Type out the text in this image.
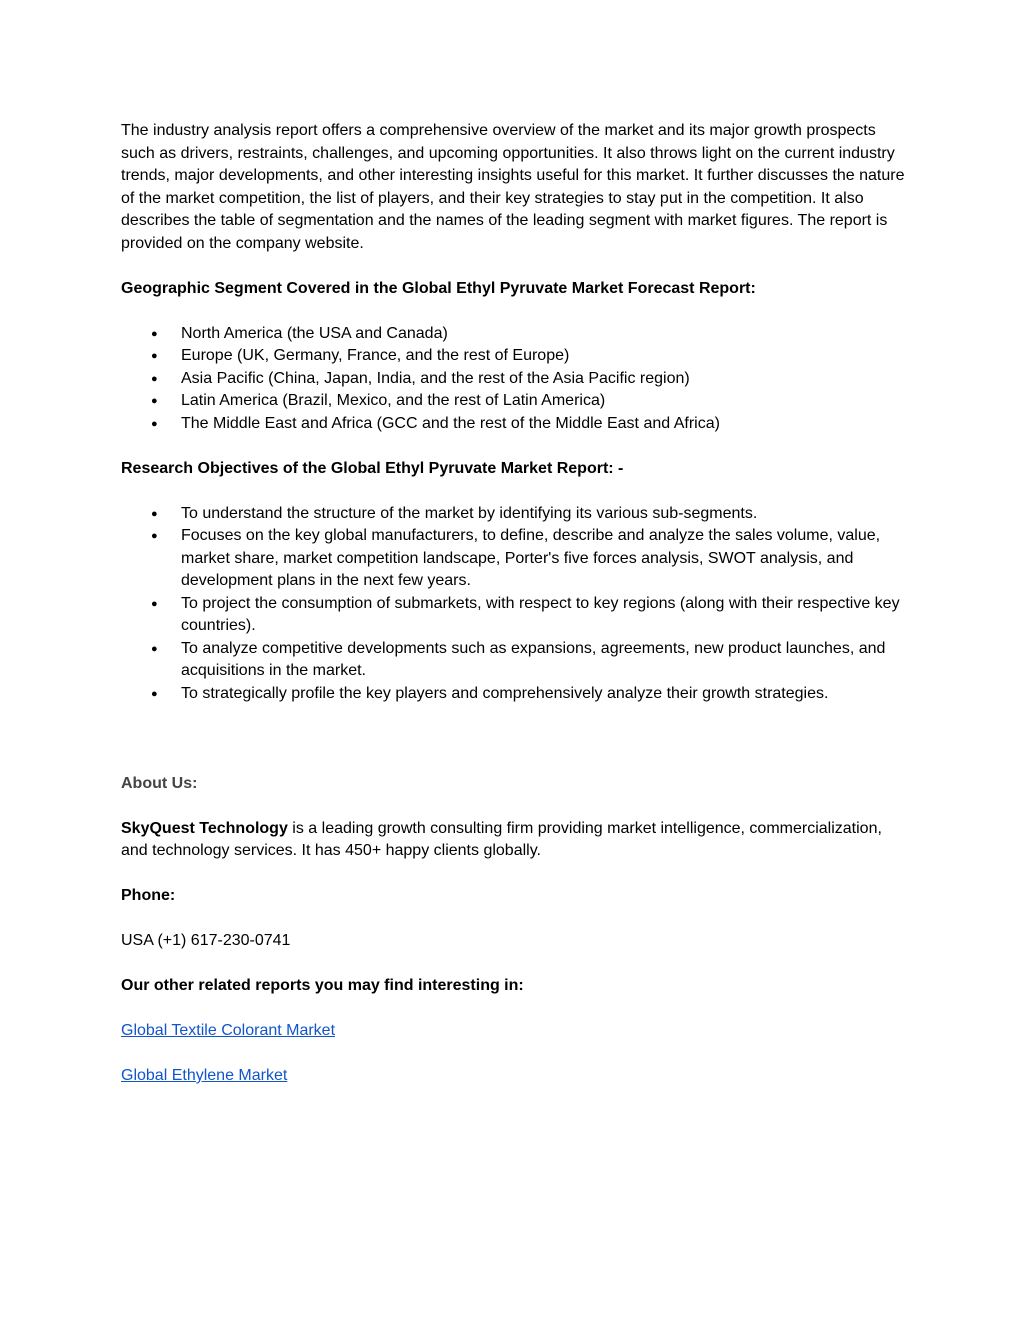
The industry analysis report offers a comprehensive overview of the market and its major growth prospects such as drivers, restraints, challenges, and upcoming opportunities. It also throws light on the current industry trends, major developments, and other interesting insights useful for this market. It further discusses the nature of the market competition, the list of players, and their key strategies to stay put in the competition. It also describes the table of segmentation and the names of the leading segment with market figures. The report is provided on the company website.

Geographic Segment Covered in the Global Ethyl Pyruvate Market Forecast Report:

● North America (the USA and Canada)
● Europe (UK, Germany, France, and the rest of Europe)
● Asia Pacific (China, Japan, India, and the rest of the Asia Pacific region)
● Latin America (Brazil, Mexico, and the rest of Latin America)
● The Middle East and Africa (GCC and the rest of the Middle East and Africa)

Research Objectives of the Global Ethyl Pyruvate Market Report: -

● To understand the structure of the market by identifying its various sub-segments.
● Focuses on the key global manufacturers, to define, describe and analyze the sales volume, value, market share, market competition landscape, Porter's five forces analysis, SWOT analysis, and development plans in the next few years.
● To project the consumption of submarkets, with respect to key regions (along with their respective key countries).
● To analyze competitive developments such as expansions, agreements, new product launches, and acquisitions in the market.
● To strategically profile the key players and comprehensively analyze their growth strategies.

About Us:

SkyQuest Technology is a leading growth consulting firm providing market intelligence, commercialization, and technology services. It has 450+ happy clients globally.

Phone:

USA (+1) 617-230-0741

Our other related reports you may find interesting in:

Global Textile Colorant Market
Global Ethylene Market
